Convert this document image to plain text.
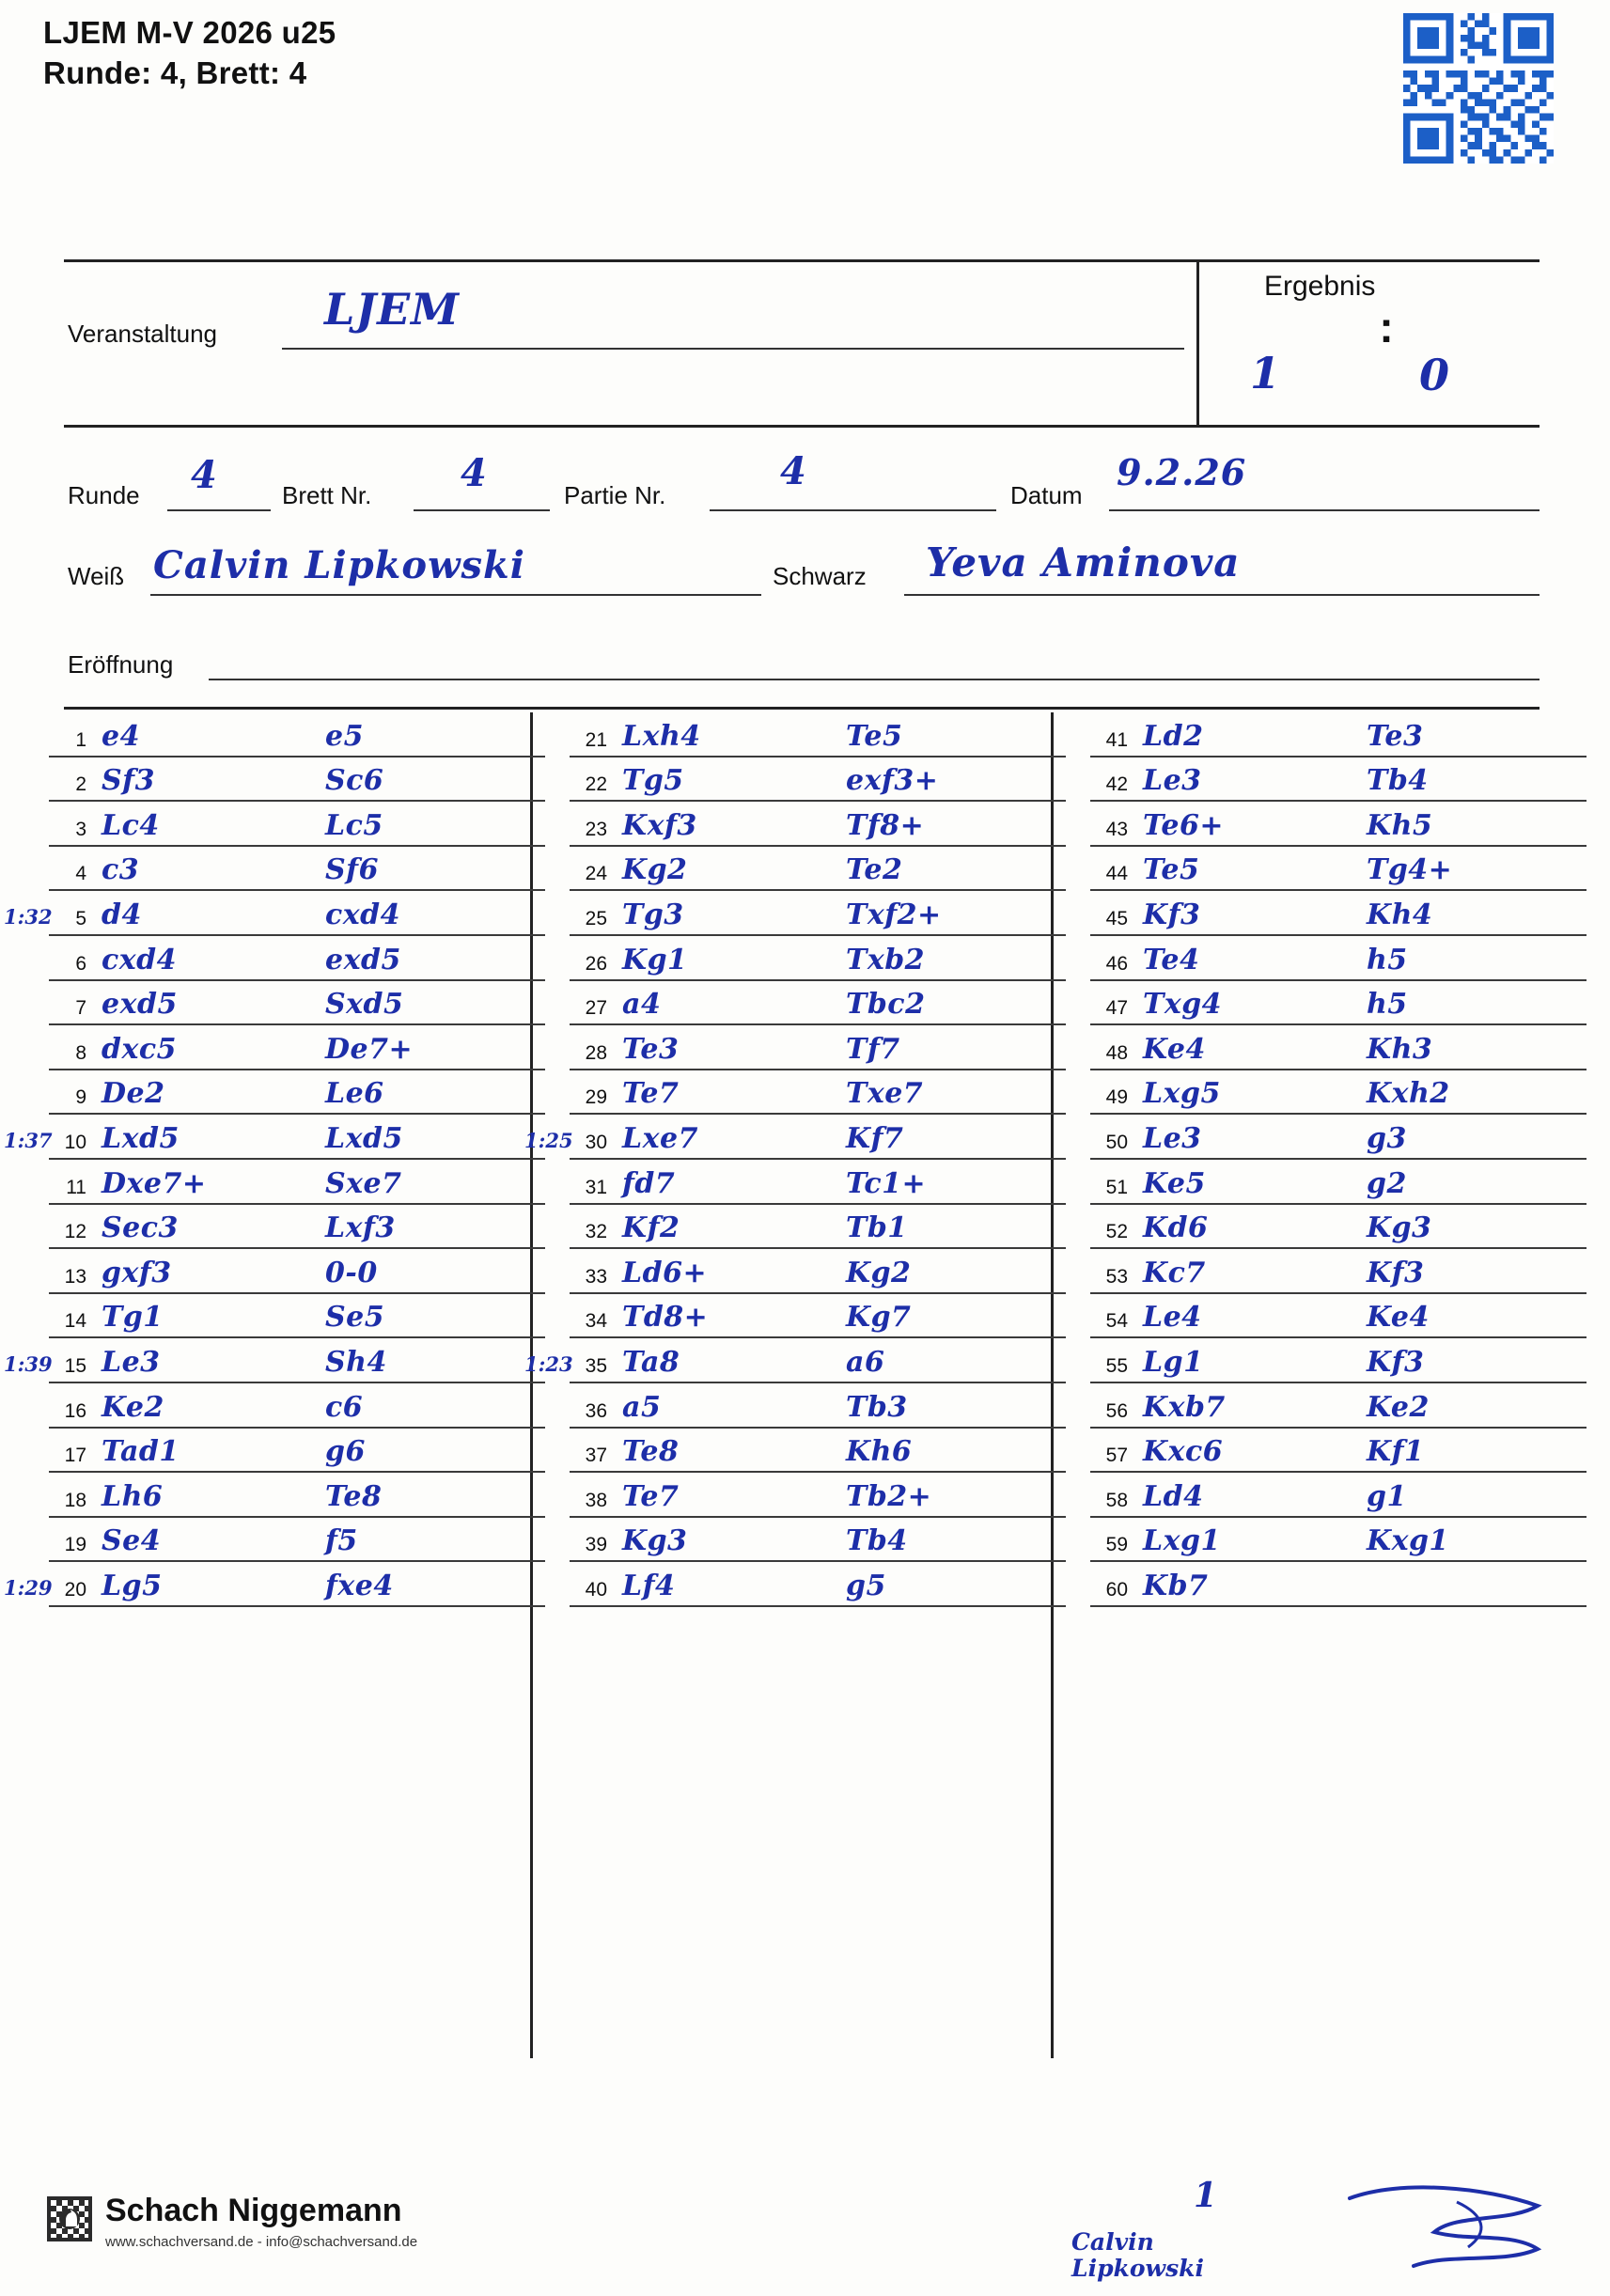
LJEM M-V 2026 u25
Runde: 4, Brett: 4
Veranstaltung LJEM	Ergebnis
:
1	0
Runde 4	Brett Nr. 4	Partie Nr.
4
Datum
9.2.26
Weiß Calvin Lipkowski	Schwarz Yeva Aminova
Eröffnung
1 e4	e5
2 Sf3	Sc6
3 Lc4	Lc5
4 c3	Sf6
1:32	5 d4	cxd4
6 cxd4	exd5
7 exd5	Sxd5
8 dxc5	De7+
9 De2	Le6
1:37 10 Lxd5	Lxd5
11 Dxe7+	Sxe7
12 Sec3	Lxf3
13 gxf3	0-0
14 Tg1	Se5
1:39 15 Le3	Sh4
16 Ke2	c6
17 Tad1	g6
18 Lh6	Te8
19 Se4	f5
1:29 20 Lg5	fxe4
21 Lxh4	Te5
22 Tg5	exf3+
23 Kxf3	Tf8+
24 Kg2	Te2
25 Tg3	Txf2+
26 Kg1	Txb2
27 a4	Tbc2
28 Te3	Tf7
29 Te7	Txe7
1:25 30 Lxe7	Kf7
31 fd7	Tc1+
32 Kf2	Tb1
33 Ld6+	Kg2
34 Td8+	Kg7
1:23 35 Ta8	a6
36 a5	Tb3
37 Te8	Kh6
38 Te7	Tb2+
39 Kg3	Tb4
40 Lf4	g5
41 Ld2	Te3
42 Le3	Tb4
43 Te6+	Kh5
44 Te5	Tg4+
45 Kf3	Kh4
46 Te4	h5
47 Txg4	h5
48 Ke4	Kh3
49 Lxg5	Kxh2
50 Le3	g3
51 Ke5	g2
52 Kd6	Kg3
53 Kc7	Kf3
54 Le4	Ke4
55 Lg1	Kf3
56 Kxb7	Ke2
57 Kxc6	Kf1
58 Ld4	g1
59 Lxg1	Kxg1
60 Kb7
Schach Niggemann
www.schachversand.de - info@schachversand.de
1
Calvin
Lipkowski
